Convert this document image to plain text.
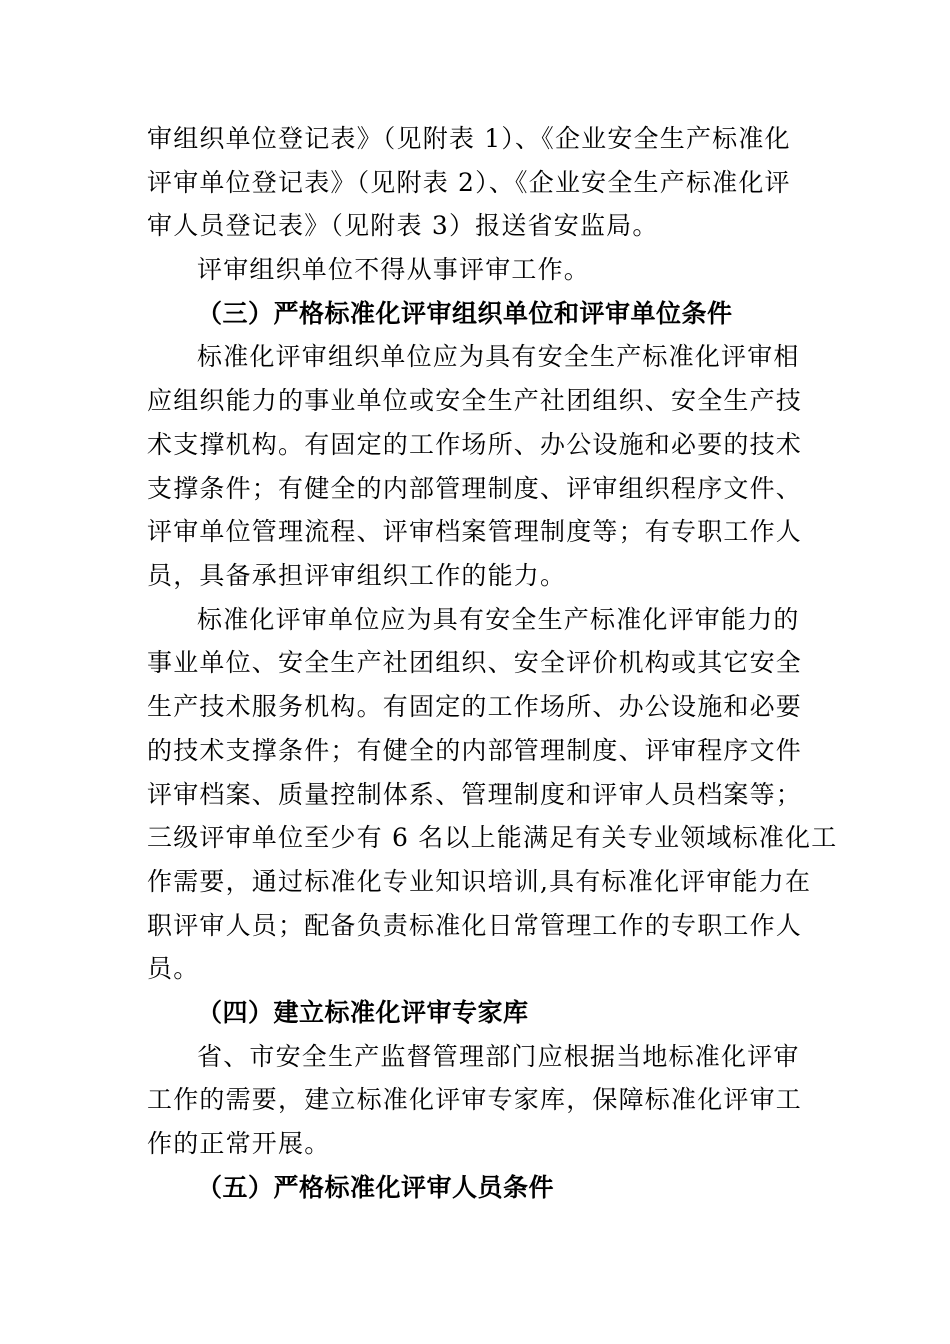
审组织单位登记表》（见附表 1）、《企业安全生产标准化
评审单位登记表》（见附表 2）、《企业安全生产标准化评
审人员登记表》（见附表 3）报送省安监局。
评审组织单位不得从事评审工作。
（三）严格标准化评审组织单位和评审单位条件
标准化评审组织单位应为具有安全生产标准化评审相
应组织能力的事业单位或安全生产社团组织、安全生产技
术支撑机构。有固定的工作场所、办公设施和必要的技术
支撑条件；有健全的内部管理制度、评审组织程序文件、
评审单位管理流程、评审档案管理制度等；有专职工作人
员，具备承担评审组织工作的能力。
标准化评审单位应为具有安全生产标准化评审能力的
事业单位、安全生产社团组织、安全评价机构或其它安全
生产技术服务机构。有固定的工作场所、办公设施和必要
的技术支撑条件；有健全的内部管理制度、评审程序文件
评审档案、质量控制体系、管理制度和评审人员档案等；
三级评审单位至少有 6 名以上能满足有关专业领域标准化工
作需要，通过标准化专业知识培训,具有标准化评审能力在
职评审人员；配备负责标准化日常管理工作的专职工作人
员。
（四）建立标准化评审专家库
省、市安全生产监督管理部门应根据当地标准化评审
工作的需要，建立标准化评审专家库，保障标准化评审工
作的正常开展。
（五）严格标准化评审人员条件
